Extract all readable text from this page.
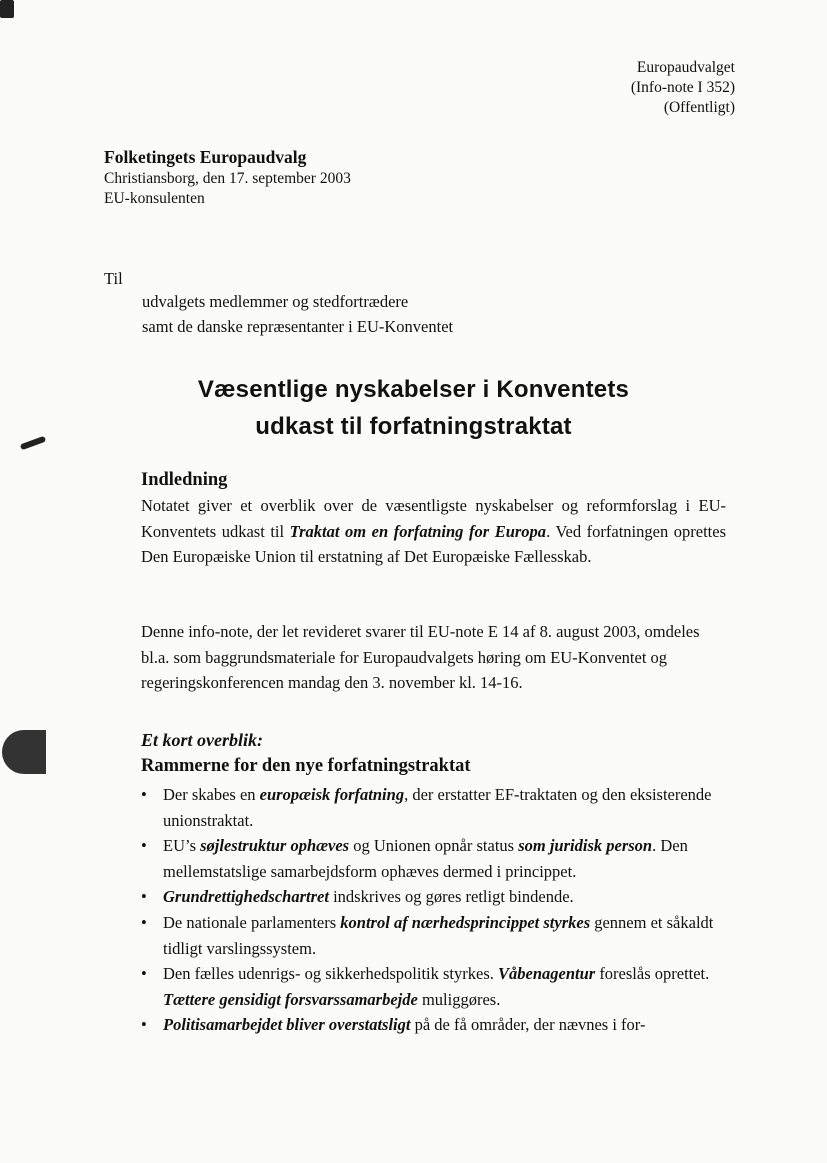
Europaudvalget
(Info-note I 352)
(Offentligt)
Folketingets Europaudvalg
Christiansborg, den 17. september 2003
EU-konsulenten
Til
udvalgets medlemmer og stedfortrædere
samt de danske repræsentanter i EU-Konventet
Væsentlige nyskabelser i Konventets
udkast til forfatningstraktat
Indledning
Notatet giver et overblik over de væsentligste nyskabelser og reformforslag i EU-Konventets udkast til Traktat om en forfatning for Europa. Ved forfatningen oprettes Den Europæiske Union til erstatning af Det Europæiske Fællesskab.
Denne info-note, der let revideret svarer til EU-note E 14 af 8. august 2003, omdeles bl.a. som baggrundsmateriale for Europaudvalgets høring om EU-Konventet og regeringskonferencen mandag den 3. november kl. 14-16.
Et kort overblik:
Rammerne for den nye forfatningstraktat
• Der skabes en europæisk forfatning, der erstatter EF-traktaten og den eksisterende unionstraktat.
• EU’s søjlestruktur ophæves og Unionen opnår status som juridisk person. Den mellemstatslige samarbejdsform ophæves dermed i princippet.
• Grundrettighedschartret indskrives og gøres retligt bindende.
• De nationale parlamenters kontrol af nærhedsprincippet styrkes gennem et såkaldt tidligt varslingssystem.
• Den fælles udenrigs- og sikkerhedspolitik styrkes. Våbenagentur foreslås oprettet. Tættere gensidigt forsvarssamarbejde muliggøres.
• Politisamarbejdet bliver overstatsligt på de få områder, der nævnes i for-
